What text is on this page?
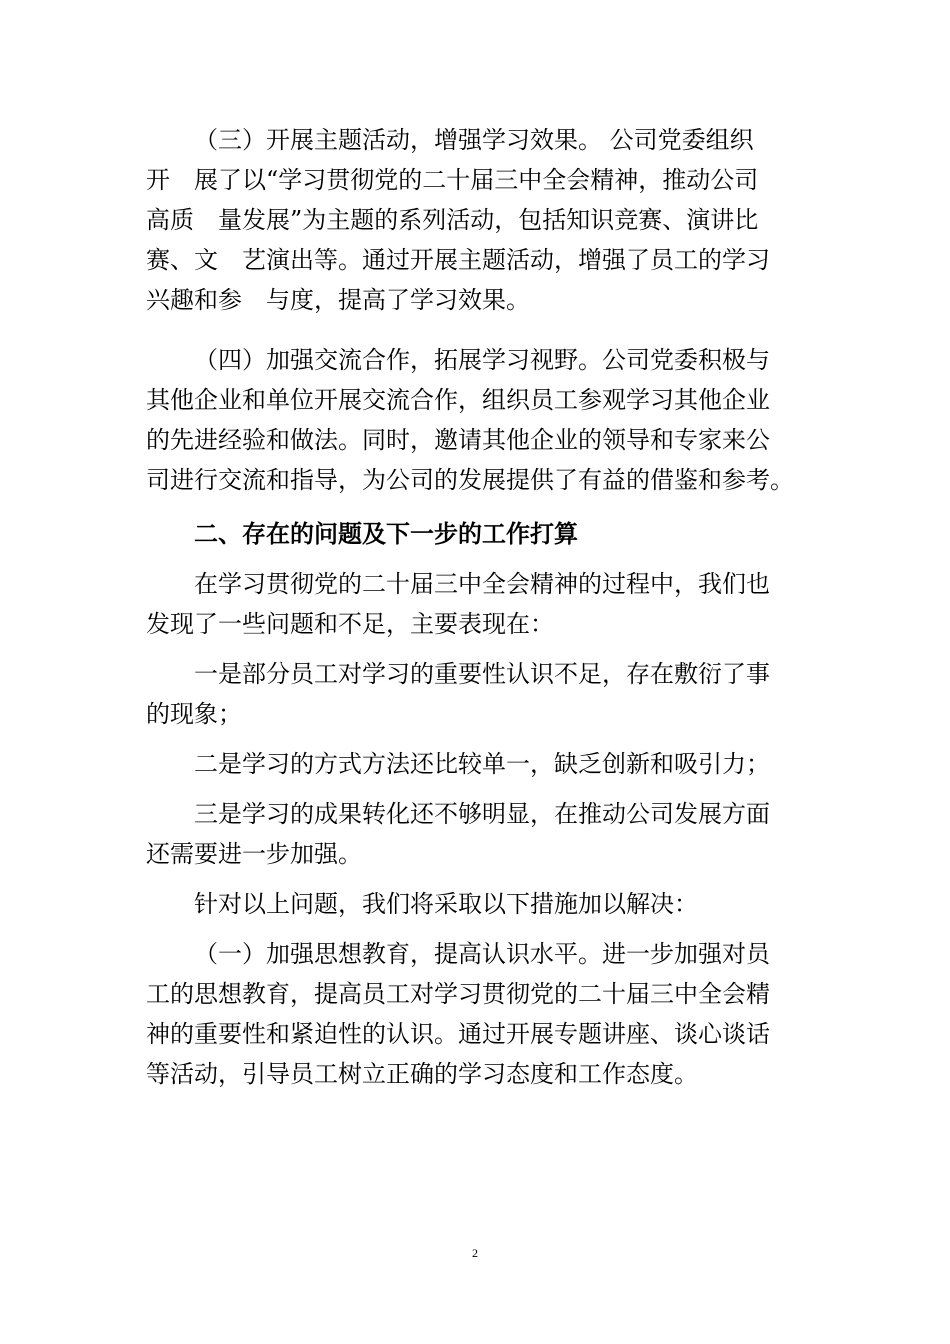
（三）开展主题活动，增强学习效果。 公司党委组织
开　展了以“学习贯彻党的二十届三中全会精神，推动公司
高质　量发展”为主题的系列活动，包括知识竞赛、演讲比
赛、文　艺演出等。通过开展主题活动，增强了员工的学习
兴趣和参　与度，提高了学习效果。
（四）加强交流合作，拓展学习视野。公司党委积极与
其他企业和单位开展交流合作，组织员工参观学习其他企业
的先进经验和做法。同时，邀请其他企业的领导和专家来公
司进行交流和指导，为公司的发展提供了有益的借鉴和参考。
二、存在的问题及下一步的工作打算
在学习贯彻党的二十届三中全会精神的过程中，我们也
发现了一些问题和不足，主要表现在：
一是部分员工对学习的重要性认识不足，存在敷衍了事
的现象；
二是学习的方式方法还比较单一，缺乏创新和吸引力；
三是学习的成果转化还不够明显，在推动公司发展方面
还需要进一步加强。
针对以上问题，我们将采取以下措施加以解决：
（一）加强思想教育，提高认识水平。进一步加强对员
工的思想教育，提高员工对学习贯彻党的二十届三中全会精
神的重要性和紧迫性的认识。通过开展专题讲座、谈心谈话
等活动，引导员工树立正确的学习态度和工作态度。
2
